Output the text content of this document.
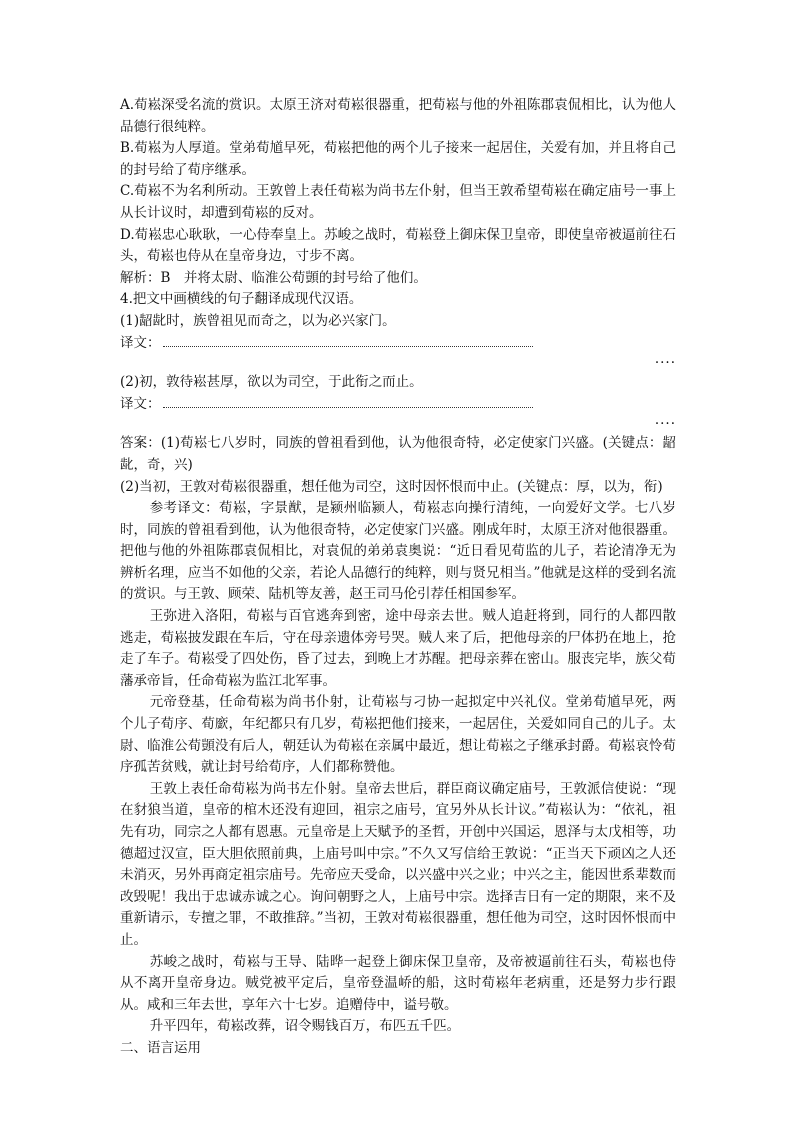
A.荀崧深受名流的赏识。太原王济对荀崧很器重，把荀崧与他的外祖陈郡袁侃相比，认为他人品德行很纯粹。

B.荀崧为人厚道。堂弟荀馗早死，荀崧把他的两个儿子接来一起居住，关爱有加，并且将自己的封号给了荀序继承。

C.荀崧不为名利所动。王敦曾上表任荀崧为尚书左仆射，但当王敦希望荀崧在确定庙号一事上从长计议时，却遭到荀崧的反对。

D.荀崧忠心耿耿，一心侍奉皇上。苏峻之战时，荀崧登上御床保卫皇帝，即使皇帝被逼前往石头，荀崧也侍从在皇帝身边，寸步不离。

解析：B　并将太尉、临淮公荀顗的封号给了他们。

4.把文中画横线的句子翻译成现代汉语。

(1)龆龀时，族曾祖见而奇之，以为必兴家门。

译文：

····

(2)初，敦待崧甚厚，欲以为司空，于此衔之而止。

译文：

····

答案：(1)荀崧七八岁时，同族的曾祖看到他，认为他很奇特，必定使家门兴盛。(关键点：龆龀，奇，兴)

(2)当初，王敦对荀崧很器重，想任他为司空，这时因怀恨而中止。(关键点：厚，以为，衔)

参考译文：荀崧，字景猷，是颍州临颍人，荀崧志向操行清纯，一向爱好文学。七八岁时，同族的曾祖看到他，认为他很奇特，必定使家门兴盛。刚成年时，太原王济对他很器重。把他与他的外祖陈郡袁侃相比，对袁侃的弟弟袁奥说：“近日看见荀监的儿子，若论清净无为辨析名理，应当不如他的父亲，若论人品德行的纯粹，则与贤兄相当。”他就是这样的受到名流的赏识。与王敦、顾荣、陆机等友善，赵王司马伦引荐任相国参军。

王弥进入洛阳，荀崧与百官逃奔到密，途中母亲去世。贼人追赶将到，同行的人都四散逃走，荀崧披发跟在车后，守在母亲遗体旁号哭。贼人来了后，把他母亲的尸体扔在地上，抢走了车子。荀崧受了四处伤，昏了过去，到晚上才苏醒。把母亲葬在密山。服丧完毕，族父荀藩承帝旨，任命荀崧为监江北军事。

元帝登基，任命荀崧为尚书仆射，让荀崧与刁协一起拟定中兴礼仪。堂弟荀馗早死，两个儿子荀序、荀廞，年纪都只有几岁，荀崧把他们接来，一起居住，关爱如同自己的儿子。太尉、临淮公荀顗没有后人，朝廷认为荀崧在亲属中最近，想让荀崧之子继承封爵。荀崧哀怜荀序孤苦贫贱，就让封号给荀序，人们都称赞他。

王敦上表任命荀崧为尚书左仆射。皇帝去世后，群臣商议确定庙号，王敦派信使说：“现在豺狼当道，皇帝的棺木还没有迎回，祖宗之庙号，宜另外从长计议。”荀崧认为：“依礼，祖先有功，同宗之人都有恩惠。元皇帝是上天赋予的圣哲，开创中兴国运，恩泽与太戊相等，功德超过汉宣，臣大胆依照前典，上庙号叫中宗。”不久又写信给王敦说：“正当天下顽凶之人还未消灭，另外再商定祖宗庙号。先帝应天受命，以兴盛中兴之业；中兴之主，能因世系辈数而改毁呢！我出于忠诚赤诚之心。询问朝野之人，上庙号中宗。选择吉日有一定的期限，来不及重新请示，专擅之罪，不敢推辞。”当初，王敦对荀崧很器重，想任他为司空，这时因怀恨而中止。

苏峻之战时，荀崧与王导、陆晔一起登上御床保卫皇帝，及帝被逼前往石头，荀崧也侍从不离开皇帝身边。贼党被平定后，皇帝登温峤的船，这时荀崧年老病重，还是努力步行跟从。咸和三年去世，享年六十七岁。追赠侍中，谥号敬。

升平四年，荀崧改葬，诏令赐钱百万，布匹五千匹。

二、语言运用
